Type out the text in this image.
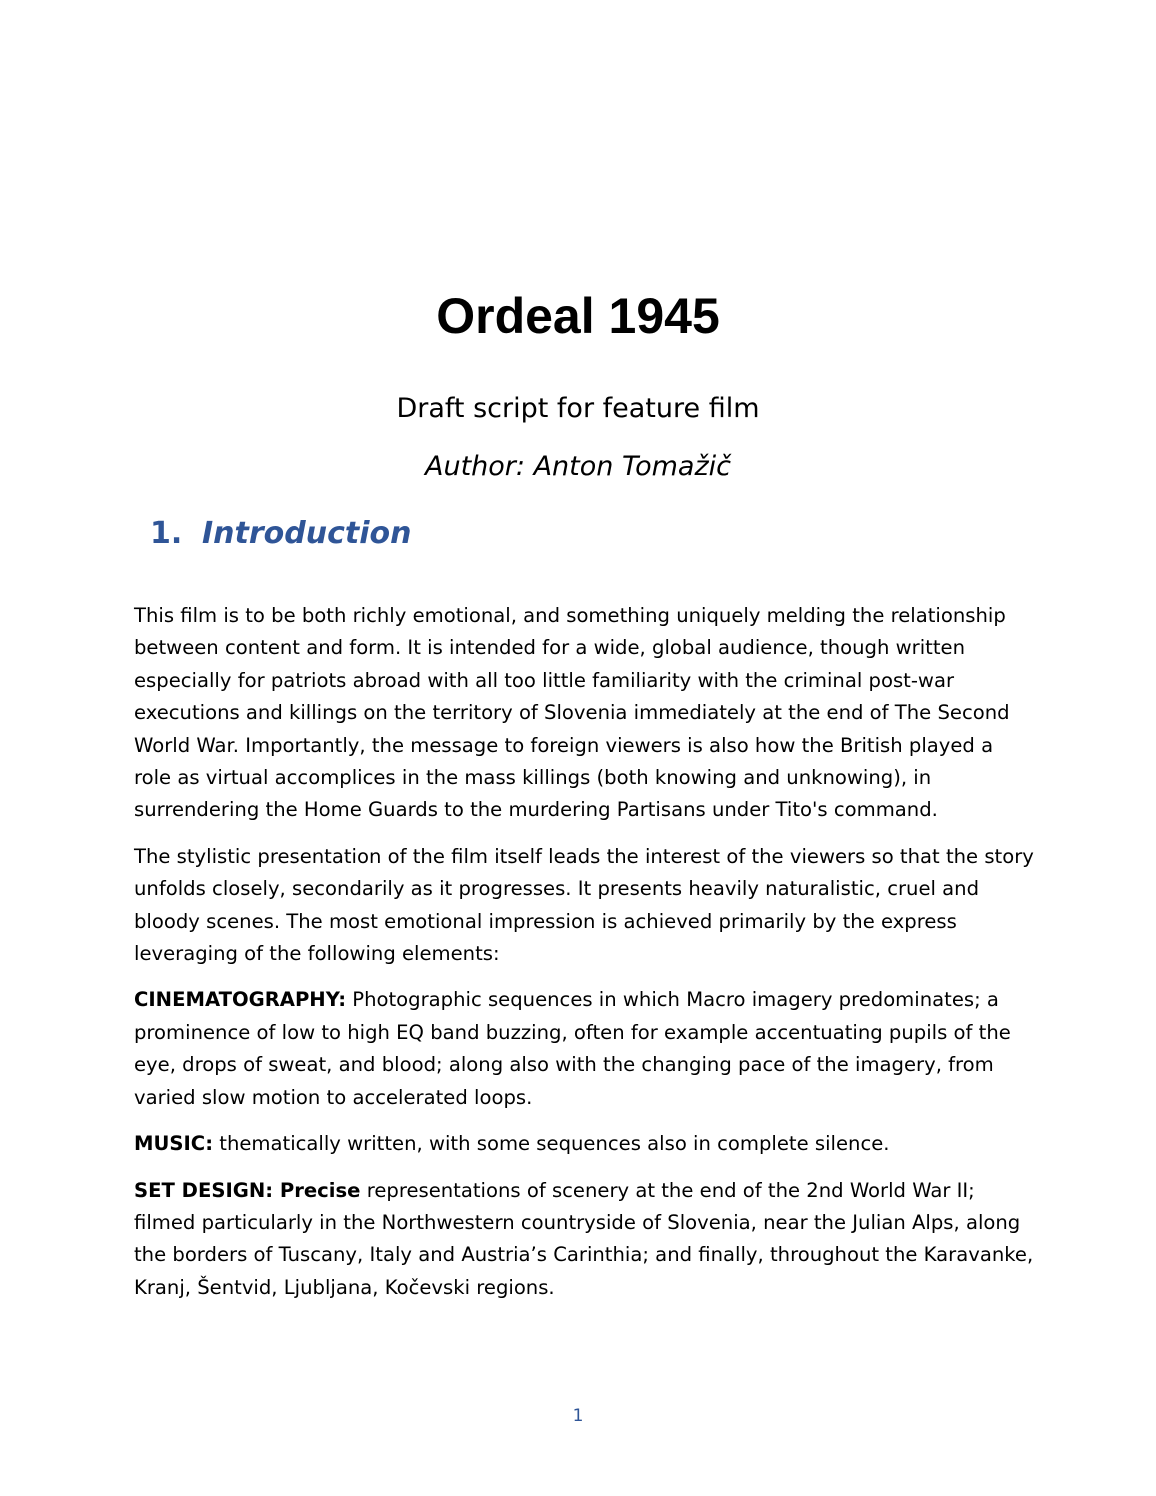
Ordeal 1945
Draft script for feature film
Author: Anton Tomažič
1. Introduction

This film is to be both richly emotional, and something uniquely melding the relationship between content and form. It is intended for a wide, global audience, though written especially for patriots abroad with all too little familiarity with the criminal post-war executions and killings on the territory of Slovenia immediately at the end of The Second World War. Importantly, the message to foreign viewers is also how the British played a role as virtual accomplices in the mass killings (both knowing and unknowing), in surrendering the Home Guards to the murdering Partisans under Tito's command.

The stylistic presentation of the film itself leads the interest of the viewers so that the story unfolds closely, secondarily as it progresses. It presents heavily naturalistic, cruel and bloody scenes. The most emotional impression is achieved primarily by the express leveraging of the following elements:

CINEMATOGRAPHY: Photographic sequences in which Macro imagery predominates; a prominence of low to high EQ band buzzing, often for example accentuating pupils of the eye, drops of sweat, and blood; along also with the changing pace of the imagery, from varied slow motion to accelerated loops.

MUSIC: thematically written, with some sequences also in complete silence.

SET DESIGN: Precise representations of scenery at the end of the 2nd World War II; filmed particularly in the Northwestern countryside of Slovenia, near the Julian Alps, along the borders of Tuscany, Italy and Austria’s Carinthia; and finally, throughout the Karavanke, Kranj, Šentvid, Ljubljana, Kočevski regions.

1
